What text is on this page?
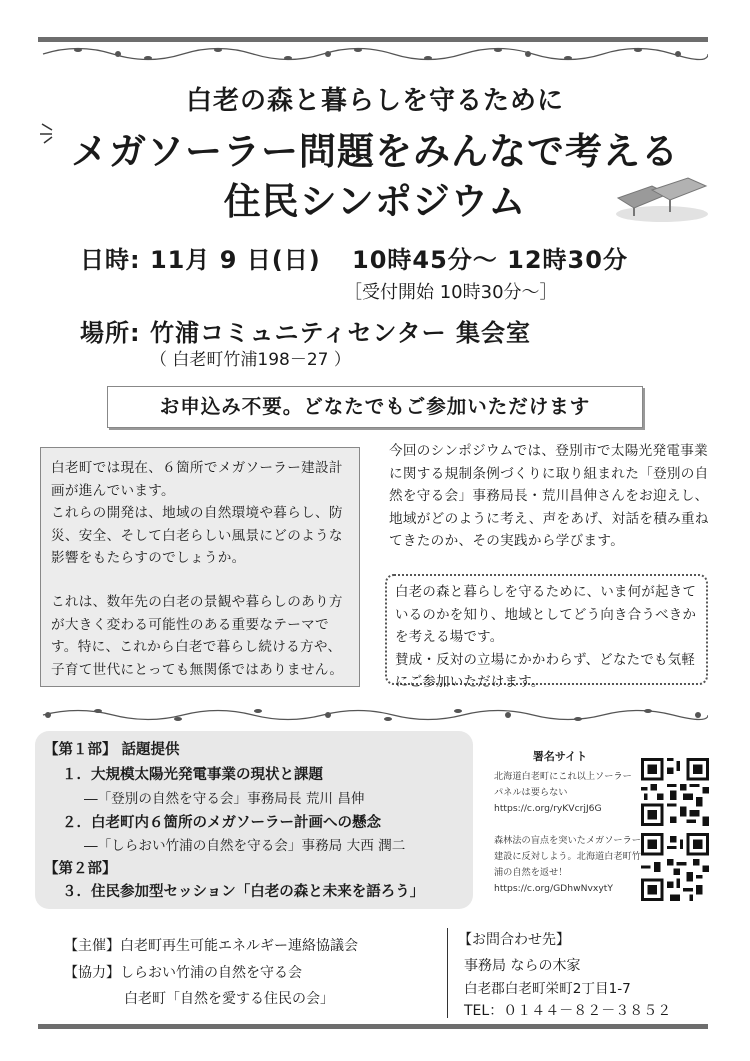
白老の森と暮らしを守るために
メガソーラー問題をみんなで考える
住民シンポジウム
日時: 11月 9 日(日) 10時45分〜 12時30分
［受付開始 10時30分〜］
場所: 竹浦コミュニティセンター 集会室
（ 白老町竹浦198－27 ）
お申込み不要。どなたでもご参加いただけます

白老町では現在、６箇所でメガソーラー建設計画が進んでいます。

これらの開発は、地域の自然環境や暮らし、防災、安全、そして白老らしい風景にどのような影響をもたらすのでしょうか。

これは、数年先の白老の景観や暮らしのあり方が大きく変わる可能性のある重要なテーマです。特に、これから白老で暮らし続ける方や、子育て世代にとっても無関係ではありません。

今回のシンポジウムでは、登別市で太陽光発電事業に関する規制条例づくりに取り組まれた「登別の自然を守る会」事務局長・荒川昌伸さんをお迎えし、地域がどのように考え、声をあげ、対話を積み重ねてきたのか、その実践から学びます。

白老の森と暮らしを守るために、いま何が起きているのかを知り、地域としてどう向き合うべきかを考える場です。

賛成・反対の立場にかかわらず、どなたでも気軽にご参加いただけます。

【第１部】 話題提供
１．大規模太陽光発電事業の現状と課題
―「登別の自然を守る会」事務局長 荒川 昌伸
２．白老町内６箇所のメガソーラー計画への懸念
―「しらおい竹浦の自然を守る会」事務局 大西 潤二
【第２部】
３．住民参加型セッション「白老の森と未来を語ろう」
署名サイト
北海道白老町にこれ以上ソーラー
パネルは要らない
https://c.org/ryKVcrjJ6G
森林法の盲点を突いたメガソーラー
建設に反対しよう。北海道白老町竹
浦の自然を返せ！
https://c.org/GDhwNvxytY
【主催】白老町再生可能エネルギー連絡協議会
【協力】しらおい竹浦の自然を守る会
白老町「自然を愛する住民の会」
【お問合わせ先】
事務局 ならの木家
白老郡白老町栄町2丁目1-7
TEL：０１４４－８２－３８５２
